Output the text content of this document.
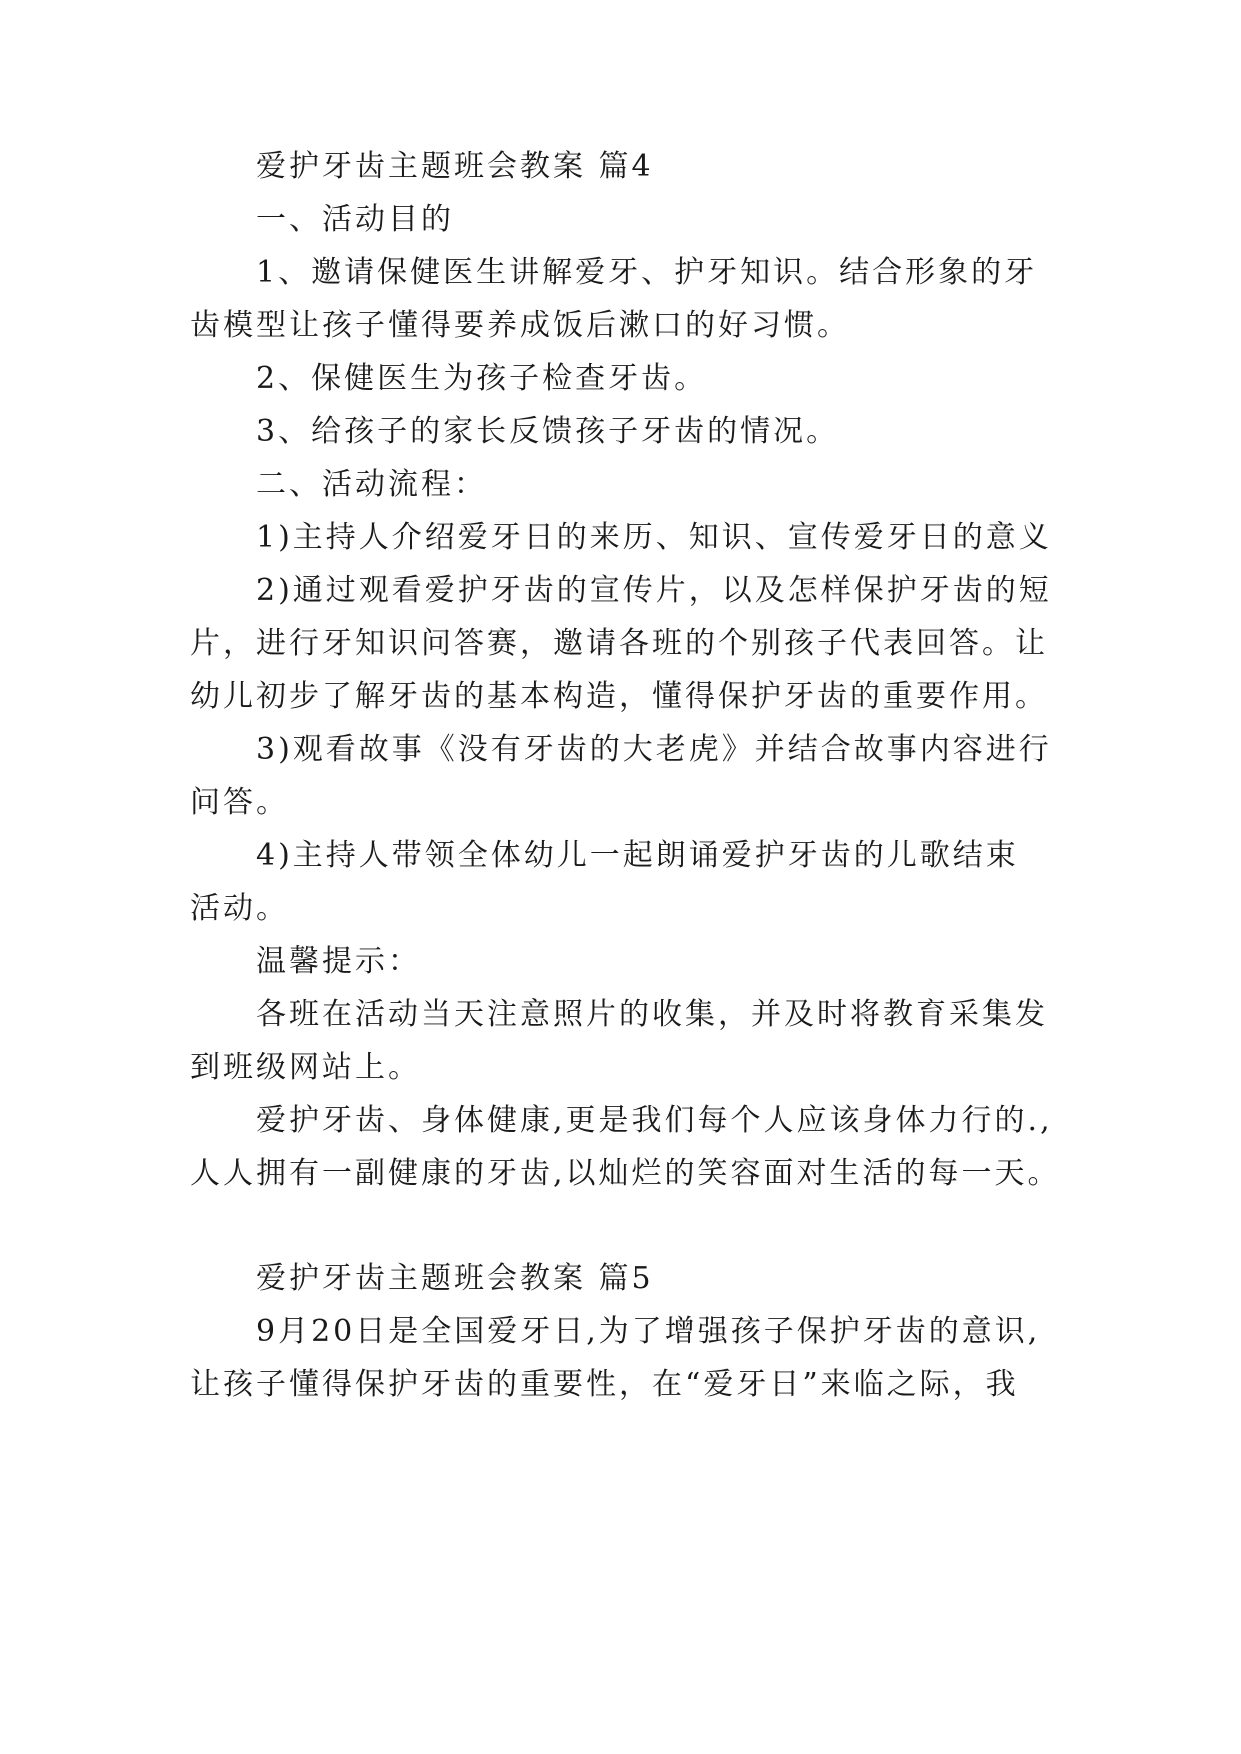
爱护牙齿主题班会教案 篇4
一、活动目的
1、邀请保健医生讲解爱牙、护牙知识。结合形象的牙
齿模型让孩子懂得要养成饭后漱口的好习惯。
2、保健医生为孩子检查牙齿。
3、给孩子的家长反馈孩子牙齿的情况。
二、活动流程：
1)主持人介绍爱牙日的来历、知识、宣传爱牙日的意义
2)通过观看爱护牙齿的宣传片，以及怎样保护牙齿的短
片，进行牙知识问答赛，邀请各班的个别孩子代表回答。让
幼儿初步了解牙齿的基本构造，懂得保护牙齿的重要作用。
3)观看故事《没有牙齿的大老虎》并结合故事内容进行
问答。
4)主持人带领全体幼儿一起朗诵爱护牙齿的儿歌结束
活动。
温馨提示：
各班在活动当天注意照片的收集，并及时将教育采集发
到班级网站上。
爱护牙齿、身体健康,更是我们每个人应该身体力行的.,
人人拥有一副健康的牙齿,以灿烂的笑容面对生活的每一天。
爱护牙齿主题班会教案 篇5
9月20日是全国爱牙日,为了增强孩子保护牙齿的意识,
让孩子懂得保护牙齿的重要性，在“爱牙日”来临之际，我
